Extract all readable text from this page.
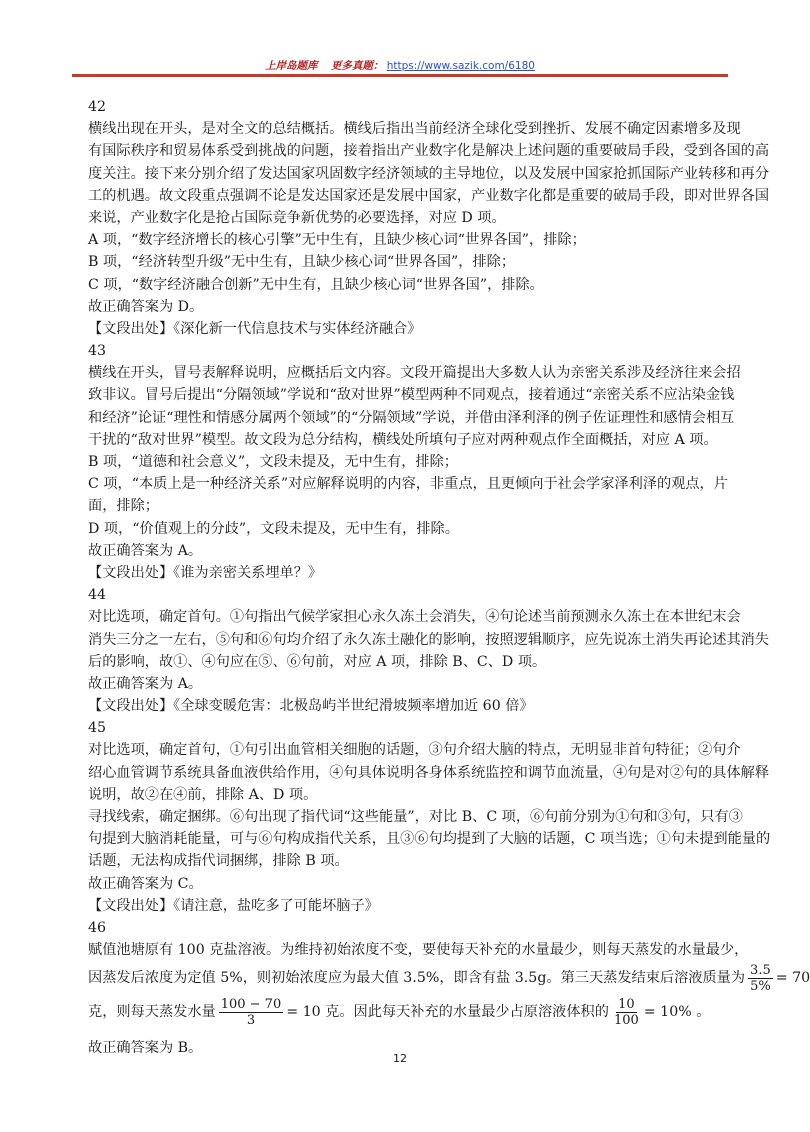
上岸岛题库 更多真题： https://www.sazik.com/6180
42
横线出现在开头，是对全文的总结概括。横线后指出当前经济全球化受到挫折、发展不确定因素增多及现
有国际秩序和贸易体系受到挑战的问题，接着指出产业数字化是解决上述问题的重要破局手段，受到各国的高
度关注。接下来分别介绍了发达国家巩固数字经济领域的主导地位，以及发展中国家抢抓国际产业转移和再分
工的机遇。故文段重点强调不论是发达国家还是发展中国家，产业数字化都是重要的破局手段，即对世界各国
来说，产业数字化是抢占国际竞争新优势的必要选择，对应 D 项。
A 项，“数字经济增长的核心引擎”无中生有，且缺少核心词“世界各国”，排除；
B 项，“经济转型升级”无中生有，且缺少核心词“世界各国”，排除；
C 项，“数字经济融合创新”无中生有，且缺少核心词“世界各国”，排除。
故正确答案为 D。
【文段出处】《深化新一代信息技术与实体经济融合》
43
横线在开头，冒号表解释说明，应概括后文内容。文段开篇提出大多数人认为亲密关系涉及经济往来会招
致非议。冒号后提出“分隔领域”学说和“敌对世界”模型两种不同观点，接着通过“亲密关系不应沾染金钱
和经济”论证“理性和情感分属两个领域”的“分隔领域”学说，并借由泽利泽的例子佐证理性和感情会相互
干扰的“敌对世界”模型。故文段为总分结构，横线处所填句子应对两种观点作全面概括，对应 A 项。
B 项，“道德和社会意义”，文段未提及，无中生有，排除；
C 项，“本质上是一种经济关系”对应解释说明的内容，非重点，且更倾向于社会学家泽利泽的观点，片
面，排除；
D 项，“价值观上的分歧”，文段未提及，无中生有，排除。
故正确答案为 A。
【文段出处】《谁为亲密关系埋单？》
44
对比选项，确定首句。①句指出气候学家担心永久冻土会消失，④句论述当前预测永久冻土在本世纪末会
消失三分之一左右，⑤句和⑥句均介绍了永久冻土融化的影响，按照逻辑顺序，应先说冻土消失再论述其消失
后的影响，故①、④句应在⑤、⑥句前，对应 A 项，排除 B、C、D 项。
故正确答案为 A。
【文段出处】《全球变暖危害：北极岛屿半世纪滑坡频率增加近 60 倍》
45
对比选项，确定首句，①句引出血管相关细胞的话题，③句介绍大脑的特点，无明显非首句特征；②句介
绍心血管调节系统具备血液供给作用，④句具体说明各身体系统监控和调节血流量，④句是对②句的具体解释
说明，故②在④前，排除 A、D 项。
寻找线索，确定捆绑。⑥句出现了指代词“这些能量”，对比 B、C 项，⑥句前分别为①句和③句，只有③
句提到大脑消耗能量，可与⑥句构成指代关系，且③⑥句均提到了大脑的话题，C 项当选；①句未提到能量的
话题，无法构成指代词捆绑，排除 B 项。
故正确答案为 C。
【文段出处】《请注意，盐吃多了可能坏脑子》
46
赋值池塘原有 100 克盐溶液。为维持初始浓度不变，要使每天补充的水量最少，则每天蒸发的水量最少，
因蒸发后浓度为定值 5%，则初始浓度应为最大值 3.5%，即含有盐 3.5g。第三天蒸发结束后溶液质量为 $\frac{3.5}{5\%} = 70$
克，则每天蒸发水量 $\frac{100 - 70}{3} = 10$ 克。因此每天补充的水量最少占原溶液体积的 $\frac{10}{100} = 10\%$ 。
故正确答案为 B。
12
